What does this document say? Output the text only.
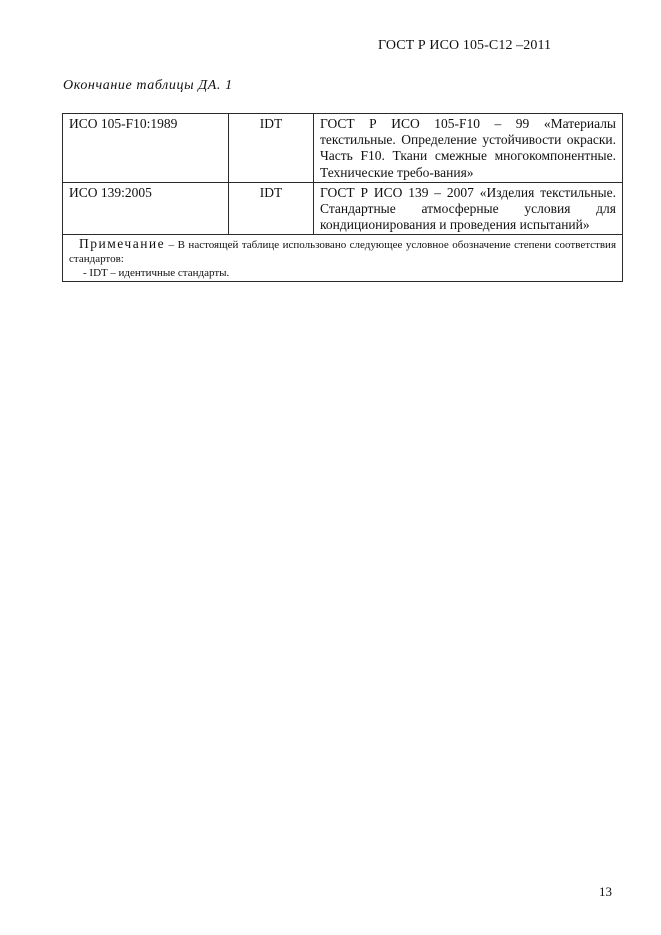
ГОСТ Р ИСО 105-С12 –2011
Окончание таблицы ДА. 1
ИСО 105-F10:1989	IDT	ГОСТ Р ИСО 105-F10 – 99 «Материалы текстильные. Определение устойчивости окраски. Часть F10. Ткани смежные многокомпонентные. Технические требо-вания»
ИСО 139:2005	IDT	ГОСТ Р ИСО 139 – 2007 «Изделия текстильные. Стандартные атмосферные условия для кондиционирования и проведения испытаний»
Примечание – В настоящей таблице использовано следующее условное обозначение степени соответствия стандартов:
- IDT – идентичные стандарты.		
13
